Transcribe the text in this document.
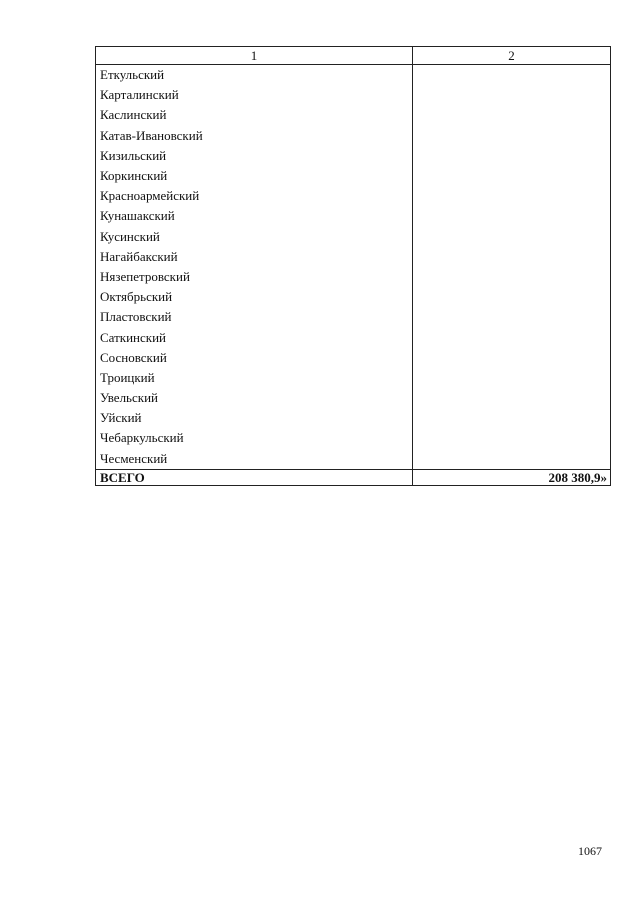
1	2
Еткульский	
Карталинский	
Каслинский	
Катав-Ивановский	
Кизильский	
Коркинский	
Красноармейский	
Кунашакский	
Кусинский	
Нагайбакский	
Нязепетровский	
Октябрьский	
Пластовский	
Саткинский	
Сосновский	
Троицкий	
Увельский	
Уйский	
Чебаркульский	
Чесменский	
ВСЕГО	208 380,9»
1067
